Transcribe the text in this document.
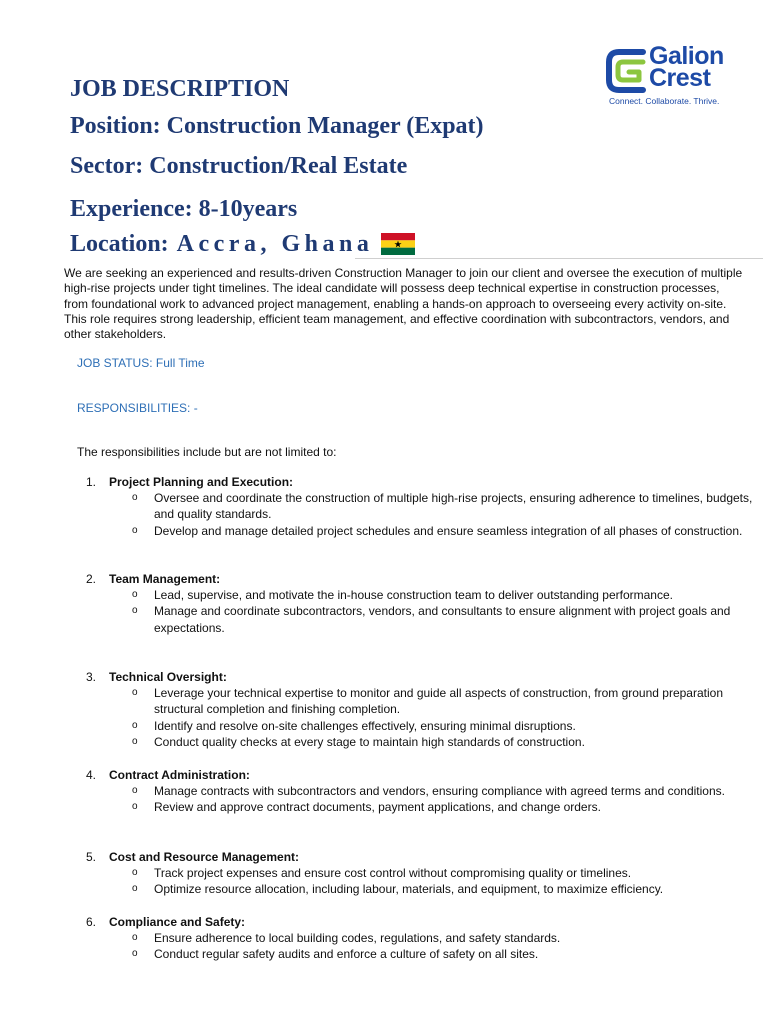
Galion
Crest
Connect. Collaborate. Thrive.
JOB DESCRIPTION
Position: Construction Manager (Expat)
Sector: Construction/Real Estate
Experience: 8-10years
Location: Accra, Ghana

We are seeking an experienced and results-driven Construction Manager to join our client and oversee the execution of multiple high-rise projects under tight timelines. The ideal candidate will possess deep technical expertise in construction processes, from foundational work to advanced project management, enabling a hands-on approach to overseeing every activity on-site. This role requires strong leadership, efficient team management, and effective coordination with subcontractors, vendors, and other stakeholders.

JOB STATUS: Full Time

RESPONSIBILITIES: -

The responsibilities include but are not limited to:

1. Project Planning and Execution:
o Oversee and coordinate the construction of multiple high-rise projects, ensuring adherence to timelines, budgets, and quality standards.
o Develop and manage detailed project schedules and ensure seamless integration of all phases of construction.
2. Team Management:
o Lead, supervise, and motivate the in-house construction team to deliver outstanding performance.
o Manage and coordinate subcontractors, vendors, and consultants to ensure alignment with project goals and expectations.
3. Technical Oversight:
o Leverage your technical expertise to monitor and guide all aspects of construction, from ground preparation structural completion and finishing completion.
o Identify and resolve on-site challenges effectively, ensuring minimal disruptions.
o Conduct quality checks at every stage to maintain high standards of construction.
4. Contract Administration:
o Manage contracts with subcontractors and vendors, ensuring compliance with agreed terms and conditions.
o Review and approve contract documents, payment applications, and change orders.
5. Cost and Resource Management:
o Track project expenses and ensure cost control without compromising quality or timelines.
o Optimize resource allocation, including labour, materials, and equipment, to maximize efficiency.
6. Compliance and Safety:
o Ensure adherence to local building codes, regulations, and safety standards.
o Conduct regular safety audits and enforce a culture of safety on all sites.
